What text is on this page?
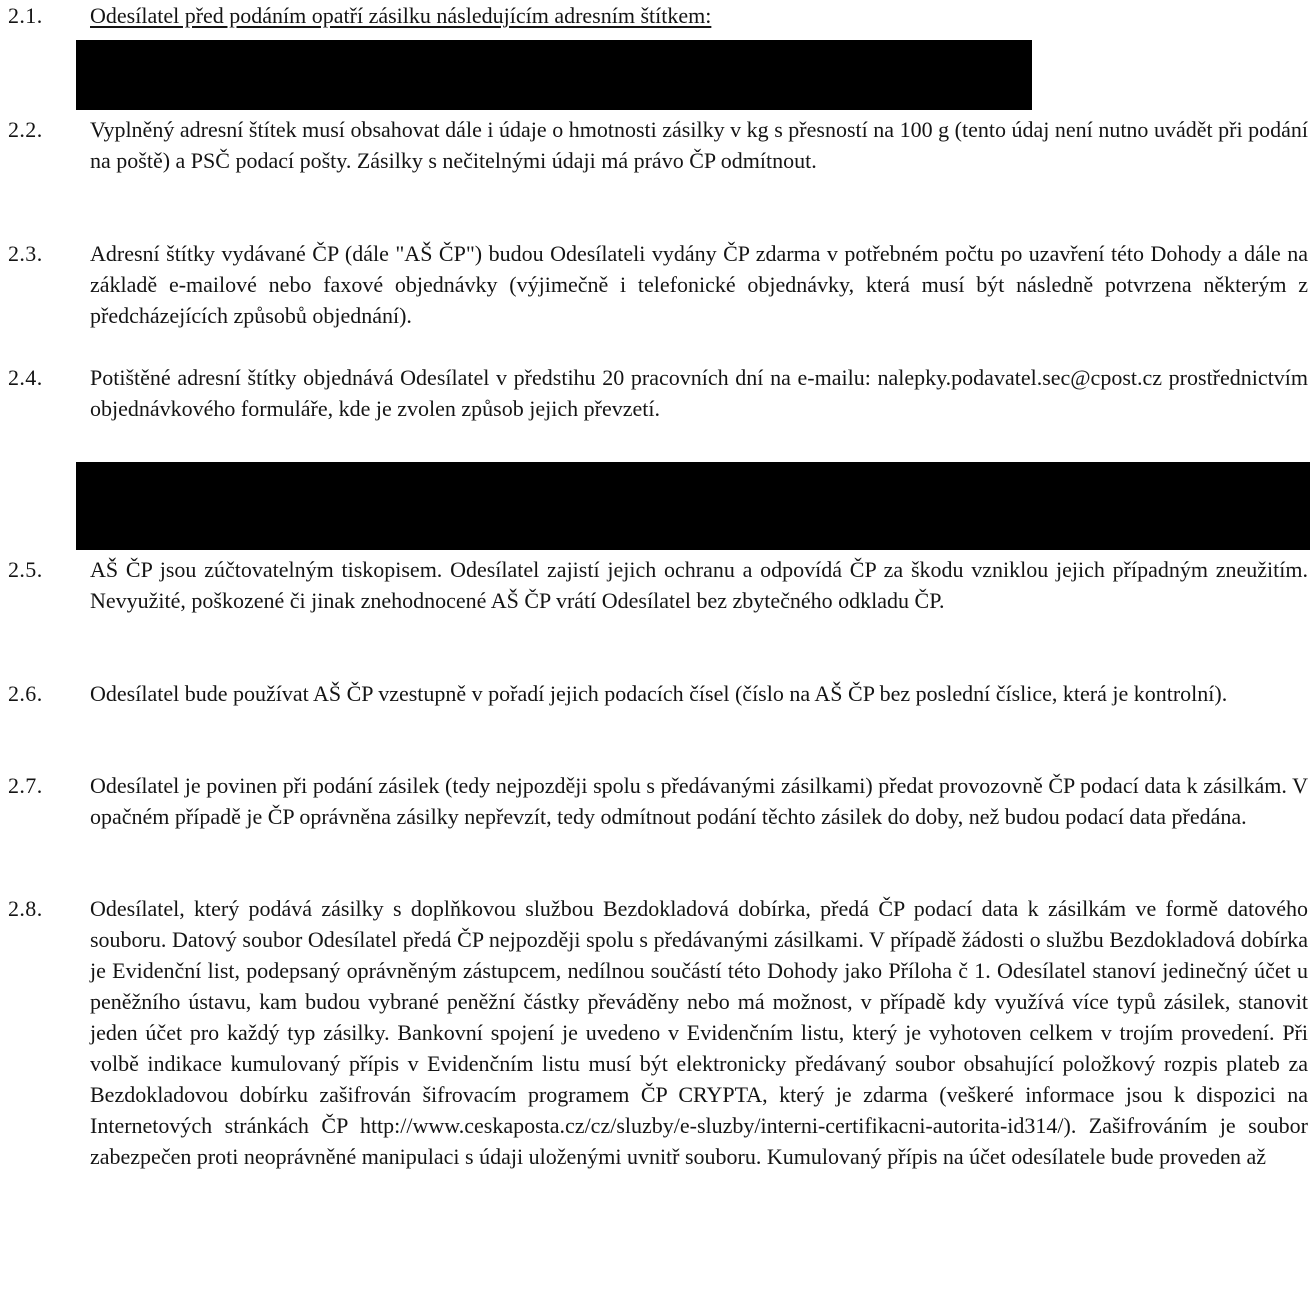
2.1. Odesílatel před podáním opatří zásilku následujícím adresním štítkem:

2.2. Vyplněný adresní štítek musí obsahovat dále i údaje o hmotnosti zásilky v kg s přesností na 100 g (tento údaj není nutno uvádět při podání na poště) a PSČ podací pošty. Zásilky s nečitelnými údaji má právo ČP odmítnout.

2.3. Adresní štítky vydávané ČP (dále "AŠ ČP") budou Odesílateli vydány ČP zdarma v potřebném počtu po uzavření této Dohody a dále na základě e-mailové nebo faxové objednávky (výjimečně i telefonické objednávky, která musí být následně potvrzena některým z předcházejících způsobů objednání).

2.4. Potištěné adresní štítky objednává Odesílatel v předstihu 20 pracovních dní na e-mailu: nalepky.podavatel.sec@cpost.cz prostřednictvím objednávkového formuláře, kde je zvolen způsob jejich převzetí.

2.5. AŠ ČP jsou zúčtovatelným tiskopisem. Odesílatel zajistí jejich ochranu a odpovídá ČP za škodu vzniklou jejich případným zneužitím. Nevyužité, poškozené či jinak znehodnocené AŠ ČP vrátí Odesílatel bez zbytečného odkladu ČP.

2.6. Odesílatel bude používat AŠ ČP vzestupně v pořadí jejich podacích čísel (číslo na AŠ ČP bez poslední číslice, která je kontrolní).

2.7. Odesílatel je povinen při podání zásilek (tedy nejpozději spolu s předávanými zásilkami) předat provozovně ČP podací data k zásilkám. V opačném případě je ČP oprávněna zásilky nepřevzít, tedy odmítnout podání těchto zásilek do doby, než budou podací data předána.

2.8. Odesílatel, který podává zásilky s doplňkovou službou Bezdokladová dobírka, předá ČP podací data k zásilkám ve formě datového souboru. Datový soubor Odesílatel předá ČP nejpozději spolu s předávanými zásilkami. V případě žádosti o službu Bezdokladová dobírka je Evidenční list, podepsaný oprávněným zástupcem, nedílnou součástí této Dohody jako Příloha č 1. Odesílatel stanoví jedinečný účet u peněžního ústavu, kam budou vybrané peněžní částky převáděny nebo má možnost, v případě kdy využívá více typů zásilek, stanovit jeden účet pro každý typ zásilky. Bankovní spojení je uvedeno v Evidenčním listu, který je vyhotoven celkem v trojím provedení. Při volbě indikace kumulovaný přípis v Evidenčním listu musí být elektronicky předávaný soubor obsahující položkový rozpis plateb za Bezdokladovou dobírku zašifrován šifrovacím programem ČP CRYPTA, který je zdarma (veškeré informace jsou k dispozici na Internetových stránkách ČP http://www.ceskaposta.cz/cz/sluzby/e-sluzby/interni-certifikacni-autorita-id314/). Zašifrováním je soubor zabezpečen proti neoprávněné manipulaci s údaji uloženými uvnitř souboru. Kumulovaný přípis na účet odesílatele bude proveden až
